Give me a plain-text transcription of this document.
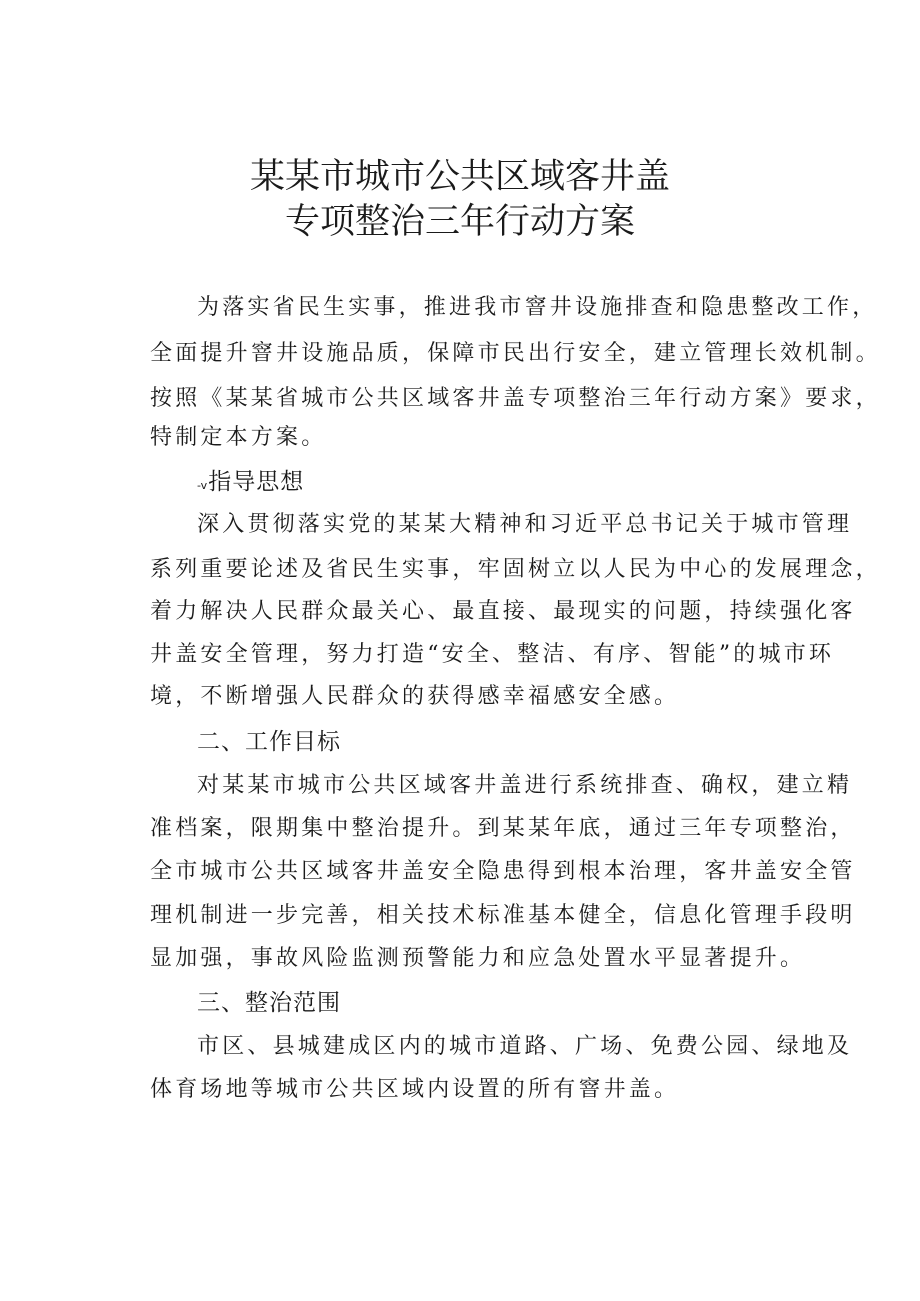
某某市城市公共区域客井盖
专项整治三年行动方案
为落实省民生实事，推进我市窨井设施排查和隐患整改工作，
全面提升窨井设施品质，保障市民出行安全，建立管理长效机制。
按照《某某省城市公共区域客井盖专项整治三年行动方案》要求，
特制定本方案。
-v指导思想
深入贯彻落实党的某某大精神和习近平总书记关于城市管理
系列重要论述及省民生实事，牢固树立以人民为中心的发展理念，
着力解决人民群众最关心、最直接、最现实的问题，持续强化客
井盖安全管理，努力打造“安全、整洁、有序、智能”的城市环
境，不断增强人民群众的获得感幸福感安全感。
二、工作目标
对某某市城市公共区域客井盖进行系统排查、确权，建立精
准档案，限期集中整治提升。到某某年底，通过三年专项整治，
全市城市公共区域客井盖安全隐患得到根本治理，客井盖安全管
理机制进一步完善，相关技术标准基本健全，信息化管理手段明
显加强，事故风险监测预警能力和应急处置水平显著提升。
三、整治范围
市区、县城建成区内的城市道路、广场、免费公园、绿地及
体育场地等城市公共区域内设置的所有窨井盖。
